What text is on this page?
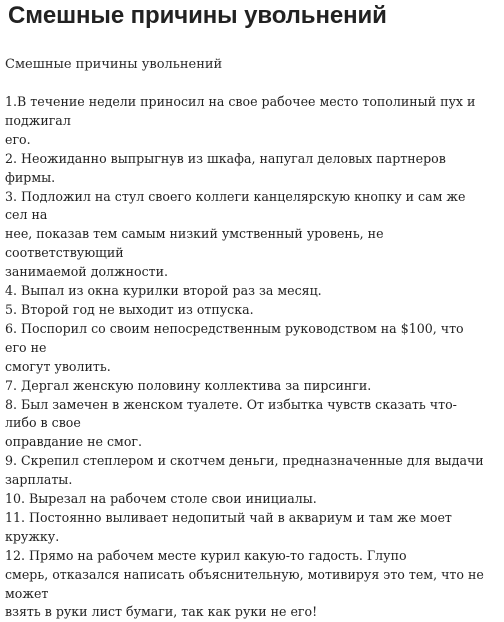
Смешные причины увольнений

Смешные причины увольнений

1.В течение недели приносил на свое рабочее место тополиный пух и поджигал
его.
2. Неожиданно выпрыгнув из шкафа, напугал деловых партнеров фирмы.
3. Подложил на стул своего коллеги канцелярскую кнопку и сам же сел на
нее, показав тем самым низкий умственный уровень, не соответствующий
занимаемой должности.
4. Выпал из окна курилки второй раз за месяц.
5. Второй год не выходит из отпуска.
6. Поспорил со своим непосредственным руководством на $100, что его не
смогут уволить.
7. Дергал женскую половину коллектива за пирсинги.
8. Был замечен в женском туалете. От избытка чувств сказать что-либо в свое
оправдание не смог.
9. Скрепил степлером и скотчем деньги, предназначенные для выдачи
зарплаты.
10. Вырезал на рабочем столе свои инициалы.
11. Постоянно выливает недопитый чай в аквариум и там же моет кружку.
12. Прямо на рабочем месте курил какую-то гадость. Глупо
смерь, отказался написать объяснительную, мотивируя это тем, что не может
взять в руки лист бумаги, так как руки не его!
